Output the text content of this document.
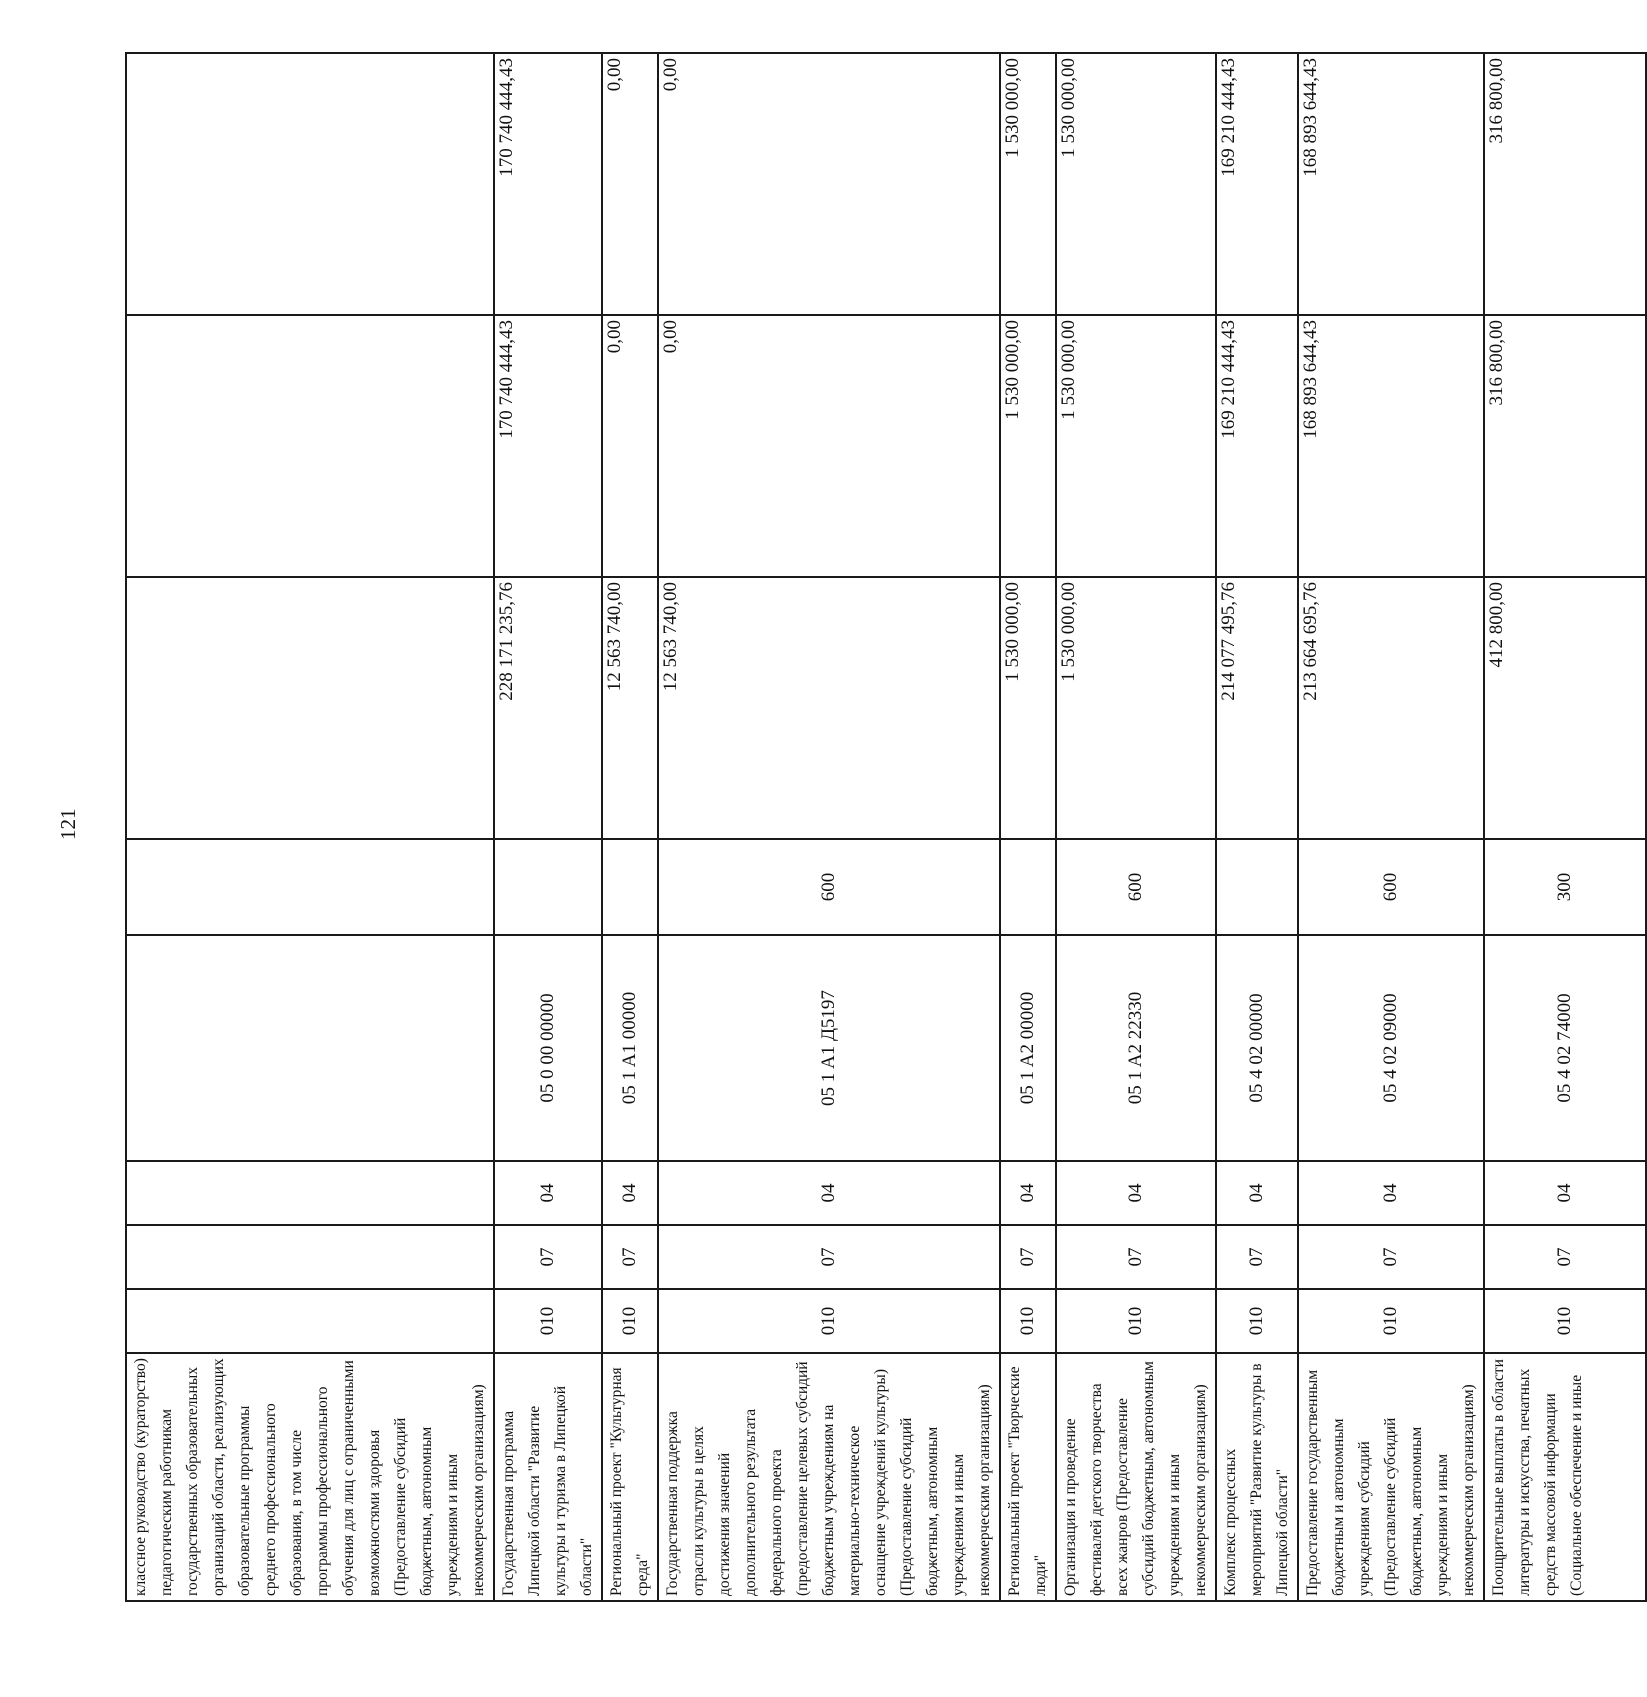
121
классное руководство (кураторство) педагогическим работникам государственных образовательных организаций области, реализующих образовательные программы среднего профессионального образования, в том числе программы профессионального обучения для лиц с ограниченными возможностями здоровья (Предоставление субсидий бюджетным, автономным учреждениям и иным некоммерческим организациям)								
Государственная программа Липецкой области "Развитие культуры и туризма в Липецкой области"	010	07	04	05 0 00 00000		228 171 235,76	170 740 444,43	170 740 444,43
Региональный проект "Культурная среда"	010	07	04	05 1 A1 00000		12 563 740,00	0,00	0,00
Государственная поддержка отрасли культуры в целях достижения значений дополнительного результата федерального проекта (предоставление целевых субсидий бюджетным учреждениям на материально-техническое оснащение учреждений культуры) (Предоставление субсидий бюджетным, автономным учреждениям и иным некоммерческим организациям)	010	07	04	05 1 A1 Д5197	600	12 563 740,00	0,00	0,00
Региональный проект "Творческие люди"	010	07	04	05 1 A2 00000		1 530 000,00	1 530 000,00	1 530 000,00
Организация и проведение фестивалей детского творчества всех жанров (Предоставление субсидий бюджетным, автономным учреждениям и иным некоммерческим организациям)	010	07	04	05 1 A2 22330	600	1 530 000,00	1 530 000,00	1 530 000,00
Комплекс процессных мероприятий "Развитие культуры в Липецкой области"	010	07	04	05 4 02 00000		214 077 495,76	169 210 444,43	169 210 444,43
Предоставление государственным бюджетным и автономным учреждениям субсидий (Предоставление субсидий бюджетным, автономным учреждениям и иным некоммерческим организациям)	010	07	04	05 4 02 09000	600	213 664 695,76	168 893 644,43	168 893 644,43
Поощрительные выплаты в области литературы и искусства, печатных средств массовой информации (Социальное обеспечение и иные	010	07	04	05 4 02 74000	300	412 800,00	316 800,00	316 800,00
